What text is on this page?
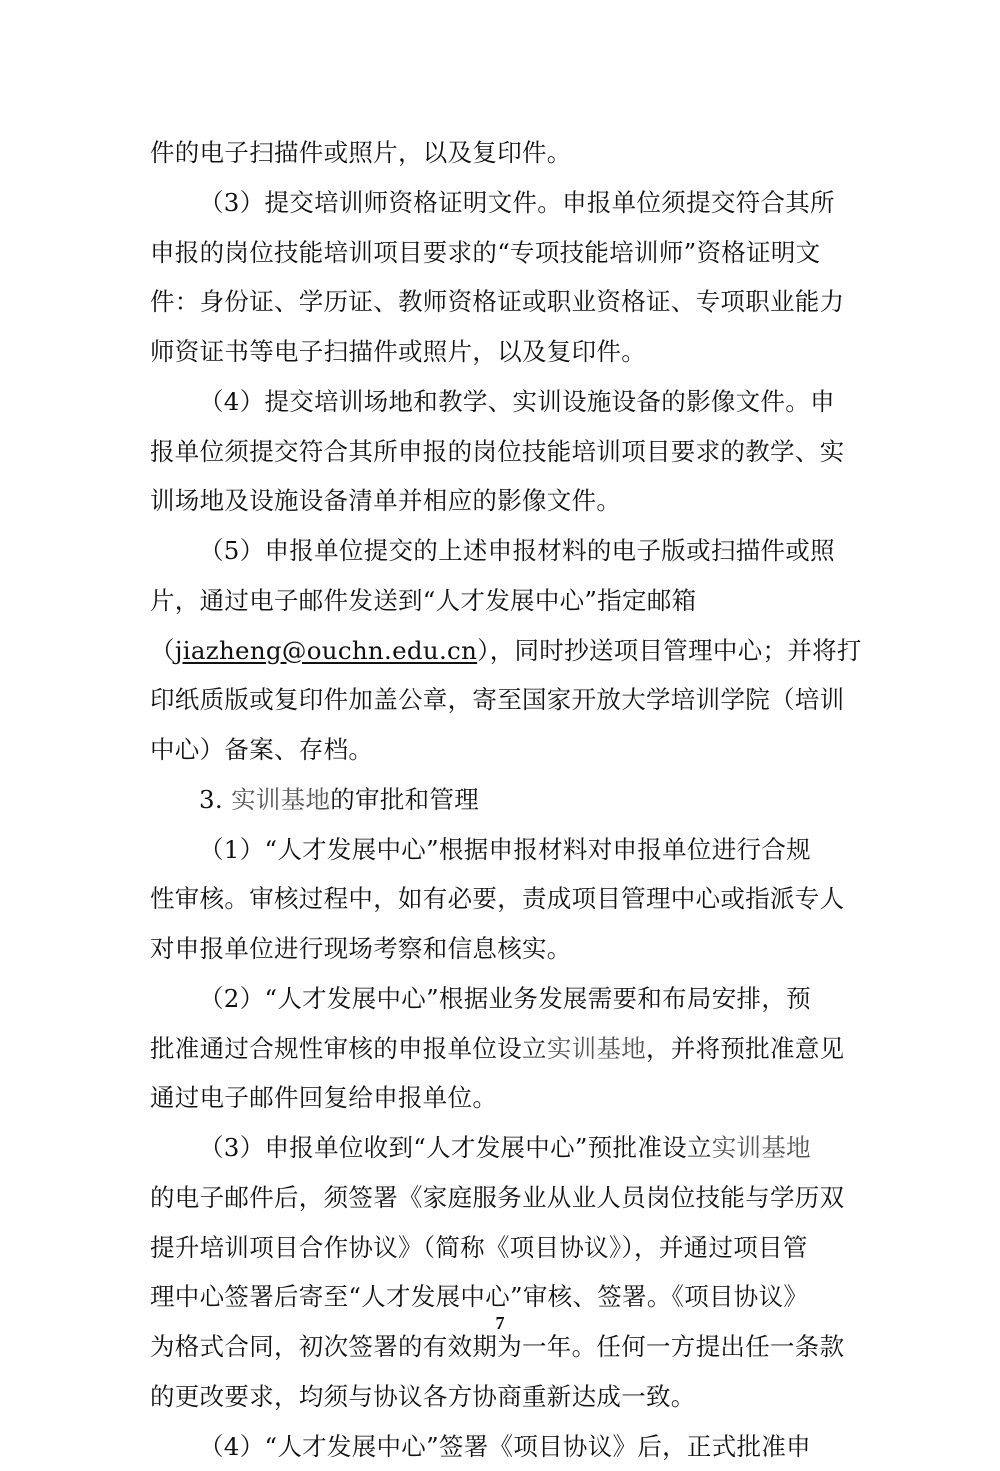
件的电子扫描件或照片，以及复印件。
（3）提交培训师资格证明文件。申报单位须提交符合其所
申报的岗位技能培训项目要求的“专项技能培训师”资格证明文
件：身份证、学历证、教师资格证或职业资格证、专项职业能力
师资证书等电子扫描件或照片，以及复印件。
（4）提交培训场地和教学、实训设施设备的影像文件。申
报单位须提交符合其所申报的岗位技能培训项目要求的教学、实
训场地及设施设备清单并相应的影像文件。
（5）申报单位提交的上述申报材料的电子版或扫描件或照
片，通过电子邮件发送到“人才发展中心”指定邮箱
（jiazheng@ouchn.edu.cn），同时抄送项目管理中心；并将打
印纸质版或复印件加盖公章，寄至国家开放大学培训学院（培训
中心）备案、存档。
3. 实训基地的审批和管理
（1）“人才发展中心”根据申报材料对申报单位进行合规
性审核。审核过程中，如有必要，责成项目管理中心或指派专人
对申报单位进行现场考察和信息核实。
（2）“人才发展中心”根据业务发展需要和布局安排，预
批准通过合规性审核的申报单位设立实训基地，并将预批准意见
通过电子邮件回复给申报单位。
（3）申报单位收到“人才发展中心”预批准设立实训基地
的电子邮件后，须签署《家庭服务业从业人员岗位技能与学历双
提升培训项目合作协议》（简称《项目协议》），并通过项目管
理中心签署后寄至“人才发展中心”审核、签署。《项目协议》
为格式合同，初次签署的有效期为一年。任何一方提出任一条款
的更改要求，均须与协议各方协商重新达成一致。
（4）“人才发展中心”签署《项目协议》后，正式批准申
7
